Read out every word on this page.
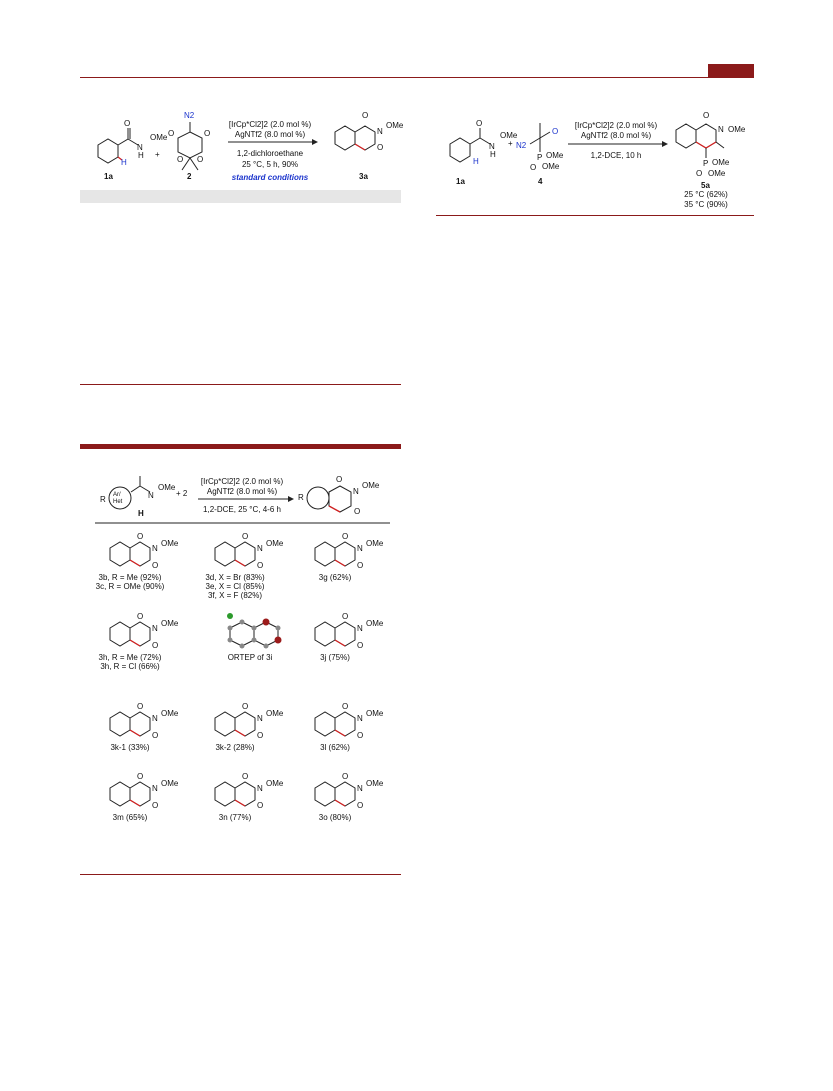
O
N
H
OMe
H
1a
+
N2
O	O
O O
2
[IrCp*Cl2]2 (2.0 mol %)
AgNTf2 (8.0 mol %)
1,2-dichloroethane
25 °C, 5 h, 90%
standard conditions
O
N
O
OMe
3a
O
N
H
OMe
H
1a
+ N2
O
P OMe
O OMe
4
[IrCp*Cl2]2 (2.0 mol %)
AgNTf2 (8.0 mol %)
1,2-DCE, 10 h
O
N OMe
P OMe
O OMe
5a
25 °C (62%)
35 °C (90%)
R Ar/
Het
N
OMe
H
+ 2
[IrCp*Cl2]2 (2.0 mol %)
AgNTf2 (8.0 mol %)
1,2-DCE, 25 °C, 4-6 h
R
O
N
OMe
O
O
N
OMe
O
3b, R = Me (92%)
3c, R = OMe (90%)
O
N
OMe
O
3d, X = Br (83%)
3e, X = Cl (85%)
3f, X = F (82%)
O
N
OMe
O
3g (62%)
O
N
OMe
O
3h, R = Me (72%)
3h, R = Cl (66%)
ORTEP of 3i
O
N
OMe
O
3j (75%)
O
N
OMe
O
3k-1 (33%)
O
N
OMe
O
3k-2 (28%)
O
N
OMe
O
3l (62%)
O
N
OMe
O
3m (65%)
O
N
OMe
O
3n (77%)
O
N
OMe
O
3o (80%)
